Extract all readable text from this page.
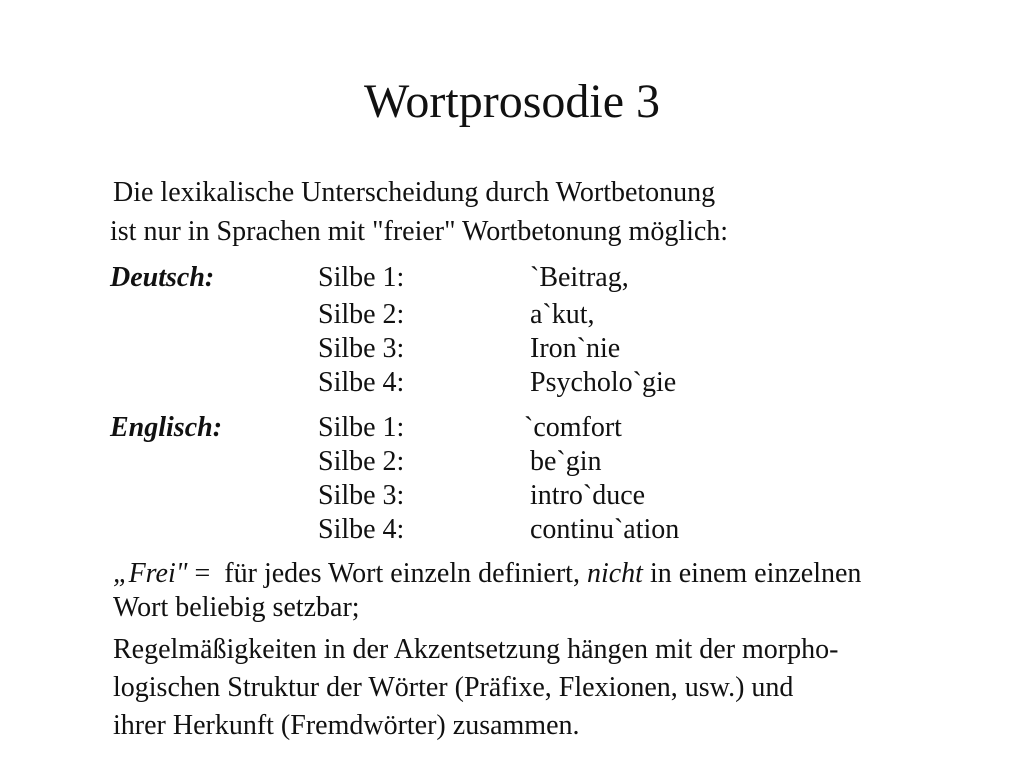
Wortprosodie 3
Die lexikalische Unterscheidung durch Wortbetonung
ist nur in Sprachen mit "freier" Wortbetonung möglich:
Deutsch:	Silbe 1:	`Beitrag,
Silbe 2:	a`kut,
Silbe 3:	Iron`nie
Silbe 4:	Psycholo`gie
Englisch:	Silbe 1:	`comfort
Silbe 2:	be`gin
Silbe 3:	intro`duce
Silbe 4:	continu`ation
„Frei" =  für jedes Wort einzeln definiert, nicht in einem einzelnen
Wort beliebig setzbar;
Regelmäßigkeiten in der Akzentsetzung hängen mit der morpho-
logischen Struktur der Wörter (Präfixe, Flexionen, usw.) und
ihrer Herkunft (Fremdwörter) zusammen.
